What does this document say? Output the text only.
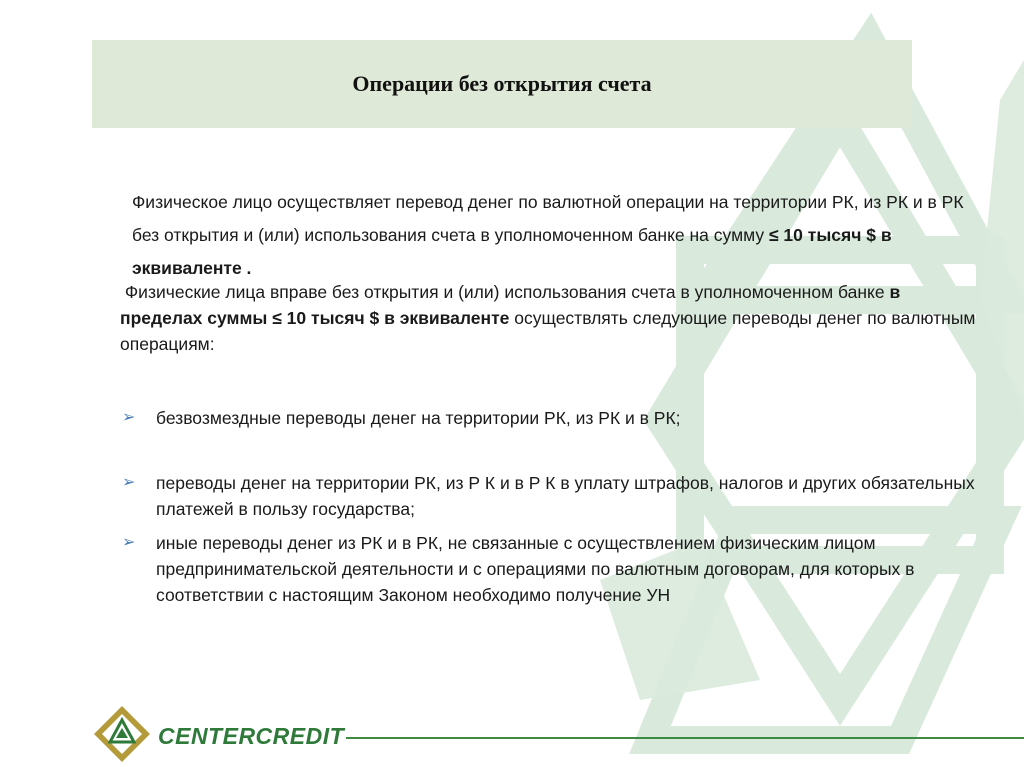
Операции без открытия счета

Физическое лицо осуществляет перевод денег по валютной операции на территории РК, из РК и в РК без открытия и (или) использования счета в уполномоченном банке на сумму ≤ 10 тысяч $ в эквиваленте .

Физические лица вправе без открытия и (или) использования счета в уполномоченном банке в пределах суммы ≤ 10 тысяч $ в эквиваленте осуществлять следующие переводы денег по валютным операциям:

➢	безвозмездные переводы денег на территории РК, из РК и в РК;
➢	переводы денег на территории РК, из Р К и в Р К в уплату штрафов, налогов и других обязательных платежей в пользу государства;
➢	иные переводы денег из РК и в РК, не связанные с осуществлением физическим лицом предпринимательской деятельности и с операциями по валютным договорам, для которых в соответствии с настоящим Законом необходимо получение УН
CENTERCREDIT
